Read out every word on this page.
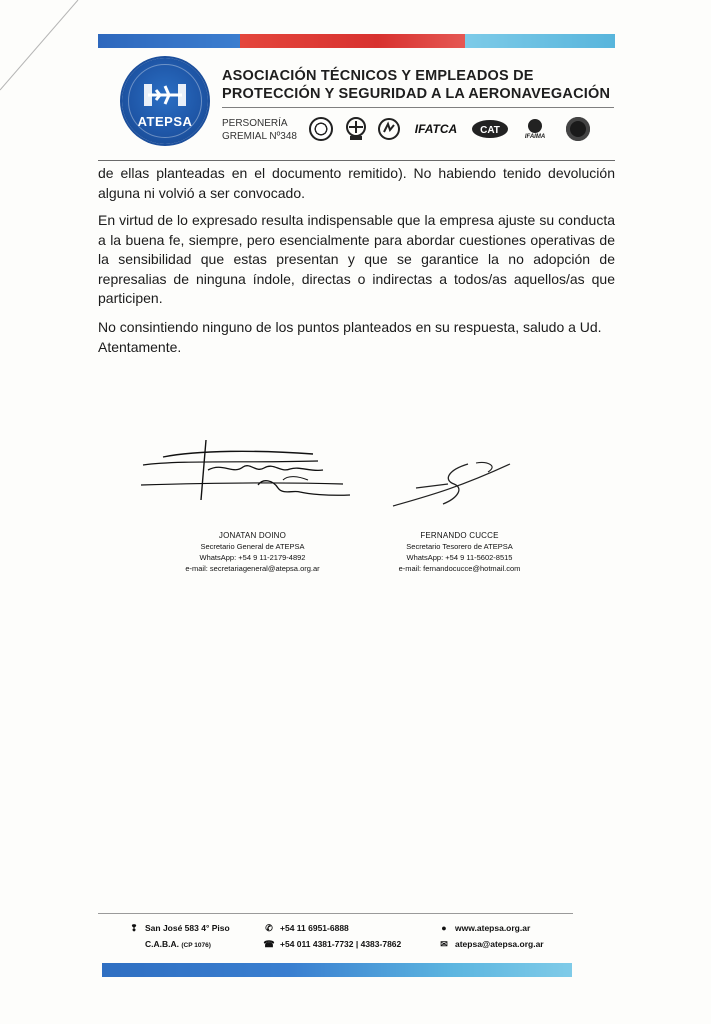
ATEPSA
ASOCIACIÓN TÉCNICOS Y EMPLEADOS DE
PROTECCIÓN Y SEGURIDAD A LA AERONAVEGACIÓN
PERSONERÍA
GREMIAL Nº348
IFATCA	CAT
IFAIMA
de ellas planteadas en el documento remitido). No habiendo tenido devolución alguna ni volvió a ser convocado.
En virtud de lo expresado resulta indispensable que la empresa ajuste su conducta a la buena fe, siempre, pero esencialmente para abordar cuestiones operativas de la sensibilidad que estas presentan y que se garantice la no adopción de represalias de ninguna índole, directas o indirectas a todos/as aquellos/as que participen.

No consintiendo ninguno de los puntos planteados en su respuesta, saludo a Ud.

Atentamente.

JONATAN DOINO
Secretario General de ATEPSA
WhatsApp: +54 9 11-2179-4892
e-mail: secretariageneral@atepsa.org.ar
FERNANDO CUCCE
Secretario Tesorero de ATEPSA
WhatsApp: +54 9 11-5602-8515
e-mail: fernandocucce@hotmail.com
❢ San José 583 4° Piso
C.A.B.A. (CP 1076)
✆ +54 11 6951-6888
☎ +54 011 4381-7732 | 4383-7862
● www.atepsa.org.ar
✉ atepsa@atepsa.org.ar
